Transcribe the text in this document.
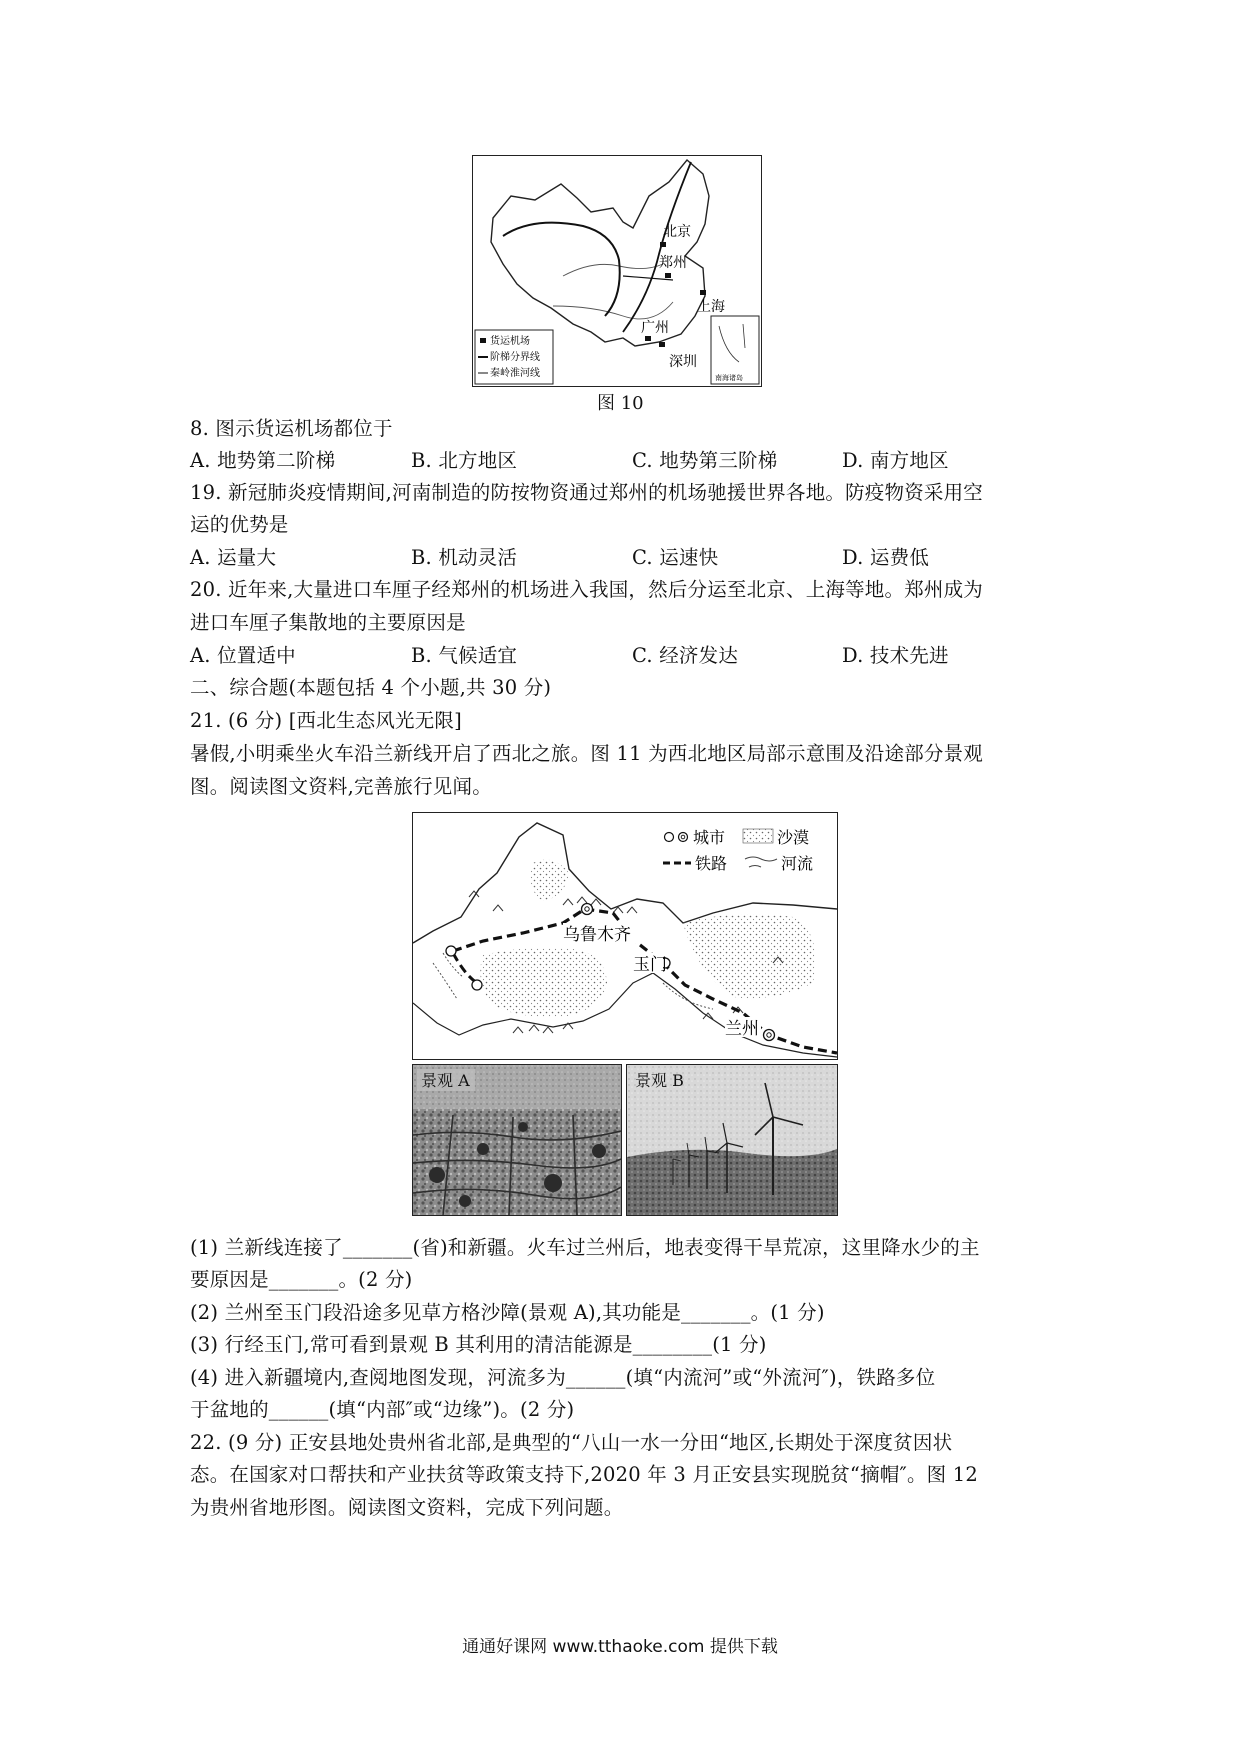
北京
郑州
上海
广州
深圳
货运机场
阶梯分界线
秦岭淮河线	南海诸岛
图 10
8. 图示货运机场都位于
A. 地势第二阶梯	B. 北方地区	C. 地势第三阶梯	D. 南方地区
19. 新冠肺炎疫情期间,河南制造的防按物资通过郑州的机场驰援世界各地。防疫物资采用空
运的优势是
A. 运量大	B. 机动灵活	C. 运速快	D. 运费低
20. 近年来,大量进口车厘子经郑州的机场进入我国，然后分运至北京、上海等地。郑州成为
进口车厘子集散地的主要原因是
A. 位置适中	B. 气候适宜	C. 经济发达	D. 技术先进
二、综合题(本题包括 4 个小题,共 30 分)
21. (6 分) [西北生态风光无限]
暑假,小明乘坐火车沿兰新线开启了西北之旅。图 11 为西北地区局部示意围及沿途部分景观
图。阅读图文资料,完善旅行见闻。
乌鲁木齐
玉门
兰州
城市	沙漠
铁路	河流
景观 A	景观 B
(1) 兰新线连接了_______(省)和新疆。火车过兰州后，地表变得干旱荒凉，这里降水少的主
要原因是_______。(2 分)
(2) 兰州至玉门段沿途多见草方格沙障(景观 A),其功能是_______。(1 分)
(3) 行经玉门,常可看到景观 B 其利用的清洁能源是________(1 分)
(4) 进入新疆境内,查阅地图发现，河流多为______(填“内流河”或“外流河″)，铁路多位
于盆地的______(填“内部″或“边缘”)。(2 分)
22. (9 分) 正安县地处贵州省北部,是典型的“八山一水一分田“地区,长期处于深度贫因状
态。在国家对口帮扶和产业扶贫等政策支持下,2020 年 3 月正安县实现脱贫“摘帽″。图 12
为贵州省地形图。阅读图文资料，完成下列问题。
通通好课网 www.tthaoke.com 提供下载
